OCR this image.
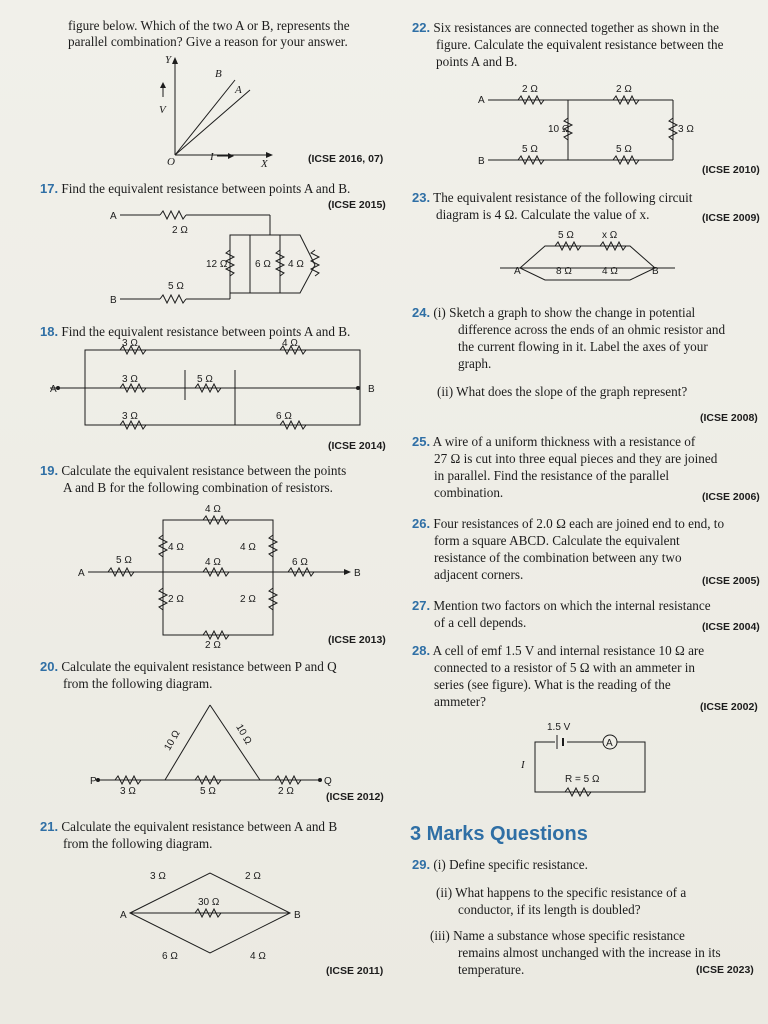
figure below. Which of the two A or B, represents the
parallel combination? Give a reason for your answer.
Y
B
A
V
O	I
X	(ICSE 2016, 07)
17. Find the equivalent resistance between points A and B.
(ICSE 2015)
A
2 Ω
12 Ω	6 Ω 4 Ω
B
5 Ω
18. Find the equivalent resistance between points A and B.
3 Ω	4 Ω
3 Ω
A
5 Ω
B
3 Ω	6 Ω
(ICSE 2014)
19. Calculate the equivalent resistance between the points
A and B for the following combination of resistors.
A
5 Ω
4 Ω
4 Ω	4 Ω
4 Ω	6 Ω
B
2 Ω	2 Ω
2 Ω	(ICSE 2013)
20. Calculate the equivalent resistance between P and Q
from the following diagram.
10 Ω	10 Ω
P
3 Ω	5 Ω	2 Ω
Q
(ICSE 2012)
21. Calculate the equivalent resistance between A and B
from the following diagram.
A
3 Ω	2 Ω
30 Ω
B
6 Ω	4 Ω
(ICSE 2011)
22. Six resistances are connected together as shown in the
figure. Calculate the equivalent resistance between the
points A and B.
A
2 Ω	2 Ω
10 Ω	3 Ω
B
5 Ω	5 Ω
(ICSE 2010)
23. The equivalent resistance of the following circuit
diagram is 4 Ω. Calculate the value of x.	(ICSE 2009)
A	B
5 Ω	x Ω
8 Ω	4 Ω
24. (i) Sketch a graph to show the change in potential
difference across the ends of an ohmic resistor and
the current flowing in it. Label the axes of your
graph.
(ii) What does the slope of the graph represent?
(ICSE 2008)
25. A wire of a uniform thickness with a resistance of
27 Ω is cut into three equal pieces and they are joined
in parallel. Find the resistance of the parallel
combination.	(ICSE 2006)
26. Four resistances of 2.0 Ω each are joined end to end, to
form a square ABCD. Calculate the equivalent
resistance of the combination between any two
adjacent corners.	(ICSE 2005)
27. Mention two factors on which the internal resistance
of a cell depends.	(ICSE 2004)
28. A cell of emf 1.5 V and internal resistance 10 Ω are
connected to a resistor of 5 Ω with an ammeter in
series (see figure). What is the reading of the
ammeter?	(ICSE 2002)
1.5 V
A
I
R = 5 Ω
3 Marks Questions
29. (i) Define specific resistance.
(ii) What happens to the specific resistance of a
conductor, if its length is doubled?
(iii) Name a substance whose specific resistance
remains almost unchanged with the increase in its
temperature.	(ICSE 2023)
